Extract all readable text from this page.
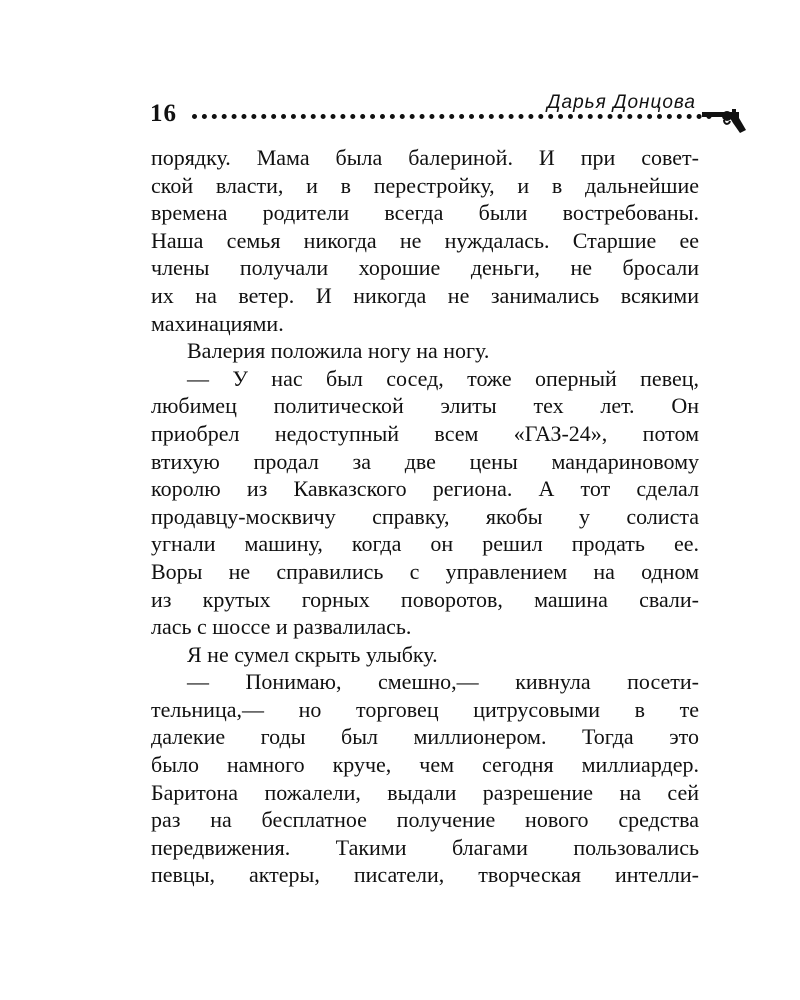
16	Дарья Донцова
порядку. Мама была балериной. И при совет-
ской власти, и в перестройку, и в дальнейшие
времена родители всегда были востребованы.
Наша семья никогда не нуждалась. Старшие ее
члены получали хорошие деньги, не бросали
их на ветер. И никогда не занимались всякими
махинациями.
Валерия положила ногу на ногу.
— У нас был сосед, тоже оперный певец,
любимец политической элиты тех лет. Он
приобрел недоступный всем «ГАЗ-24», потом
втихую продал за две цены мандариновому
королю из Кавказского региона. А тот сделал
продавцу-москвичу справку, якобы у солиста
угнали машину, когда он решил продать ее.
Воры не справились с управлением на одном
из крутых горных поворотов, машина свали-
лась с шоссе и развалилась.
Я не сумел скрыть улыбку.
— Понимаю, смешно,— кивнула посети-
тельница,— но торговец цитрусовыми в те
далекие годы был миллионером. Тогда это
было намного круче, чем сегодня миллиардер.
Баритона пожалели, выдали разрешение на сей
раз на бесплатное получение нового средства
передвижения. Такими благами пользовались
певцы, актеры, писатели, творческая интелли-
